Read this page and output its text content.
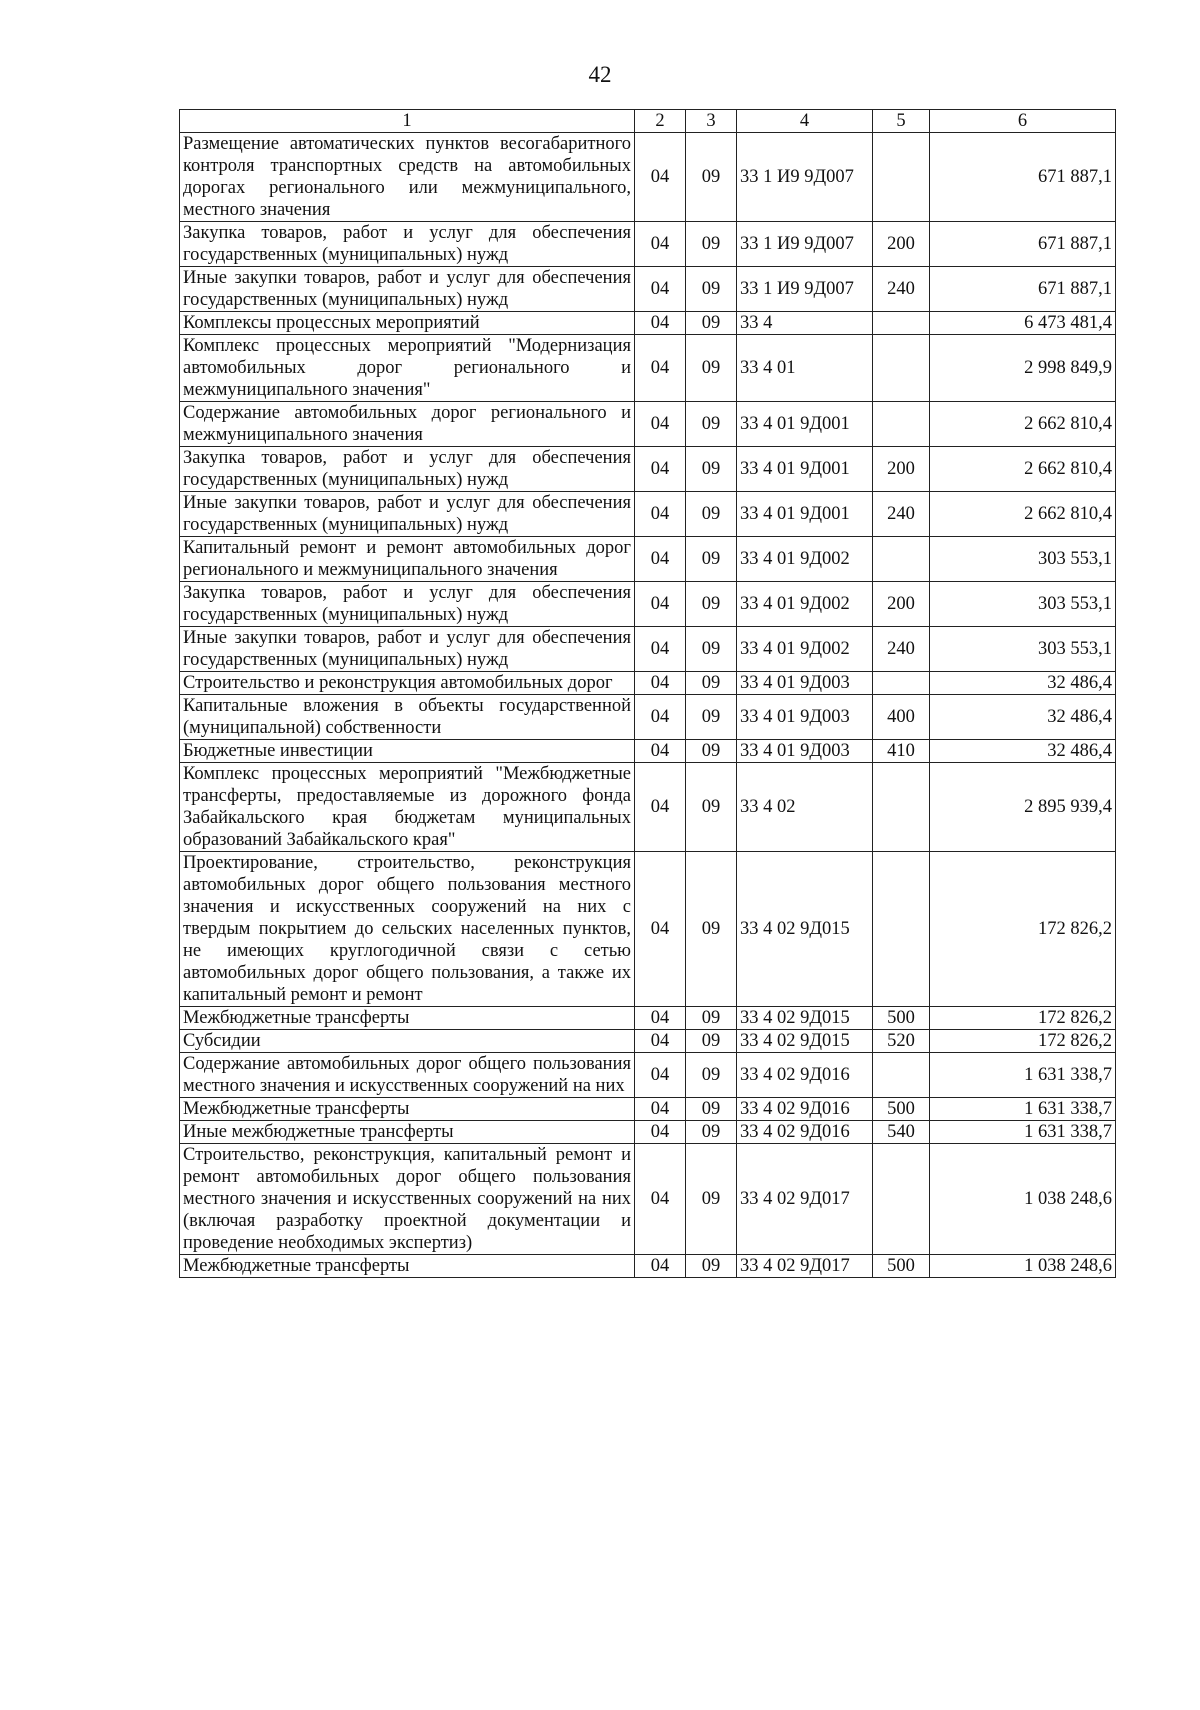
42
1	2	3	4	5	6
Размещение автоматических пунктов весогабаритного контроля транспортных средств на автомобильных дорогах регионального или межмуниципального, местного значения	04	09	33 1 И9 9Д007		671 887,1
Закупка товаров, работ и услуг для обеспечения государственных (муниципальных) нужд	04	09	33 1 И9 9Д007	200	671 887,1
Иные закупки товаров, работ и услуг для обеспечения государственных (муниципальных) нужд	04	09	33 1 И9 9Д007	240	671 887,1
Комплексы процессных мероприятий	04	09	33 4		6 473 481,4
Комплекс процессных мероприятий "Модернизация автомобильных дорог регионального и межмуниципального значения"	04	09	33 4 01		2 998 849,9
Содержание автомобильных дорог регионального и межмуниципального значения	04	09	33 4 01 9Д001		2 662 810,4
Закупка товаров, работ и услуг для обеспечения государственных (муниципальных) нужд	04	09	33 4 01 9Д001	200	2 662 810,4
Иные закупки товаров, работ и услуг для обеспечения государственных (муниципальных) нужд	04	09	33 4 01 9Д001	240	2 662 810,4
Капитальный ремонт и ремонт автомобильных дорог регионального и межмуниципального значения	04	09	33 4 01 9Д002		303 553,1
Закупка товаров, работ и услуг для обеспечения государственных (муниципальных) нужд	04	09	33 4 01 9Д002	200	303 553,1
Иные закупки товаров, работ и услуг для обеспечения государственных (муниципальных) нужд	04	09	33 4 01 9Д002	240	303 553,1
Строительство и реконструкция автомобильных дорог	04	09	33 4 01 9Д003		32 486,4
Капитальные вложения в объекты государственной (муниципальной) собственности	04	09	33 4 01 9Д003	400	32 486,4
Бюджетные инвестиции	04	09	33 4 01 9Д003	410	32 486,4
Комплекс процессных мероприятий "Межбюджетные трансферты, предоставляемые из дорожного фонда Забайкальского края бюджетам муниципальных образований Забайкальского края"	04	09	33 4 02		2 895 939,4
Проектирование, строительство, реконструкция автомобильных дорог общего пользования местного значения и искусственных сооружений на них с твердым покрытием до сельских населенных пунктов, не имеющих круглогодичной связи с сетью автомобильных дорог общего пользования, а также их капитальный ремонт и ремонт	04	09	33 4 02 9Д015		172 826,2
Межбюджетные трансферты	04	09	33 4 02 9Д015	500	172 826,2
Субсидии	04	09	33 4 02 9Д015	520	172 826,2
Содержание автомобильных дорог общего пользования местного значения и искусственных сооружений на них	04	09	33 4 02 9Д016		1 631 338,7
Межбюджетные трансферты	04	09	33 4 02 9Д016	500	1 631 338,7
Иные межбюджетные трансферты	04	09	33 4 02 9Д016	540	1 631 338,7
Строительство, реконструкция, капитальный ремонт и ремонт автомобильных дорог общего пользования местного значения и искусственных сооружений на них (включая разработку проектной документации и проведение необходимых экспертиз)	04	09	33 4 02 9Д017		1 038 248,6
Межбюджетные трансферты	04	09	33 4 02 9Д017	500	1 038 248,6
